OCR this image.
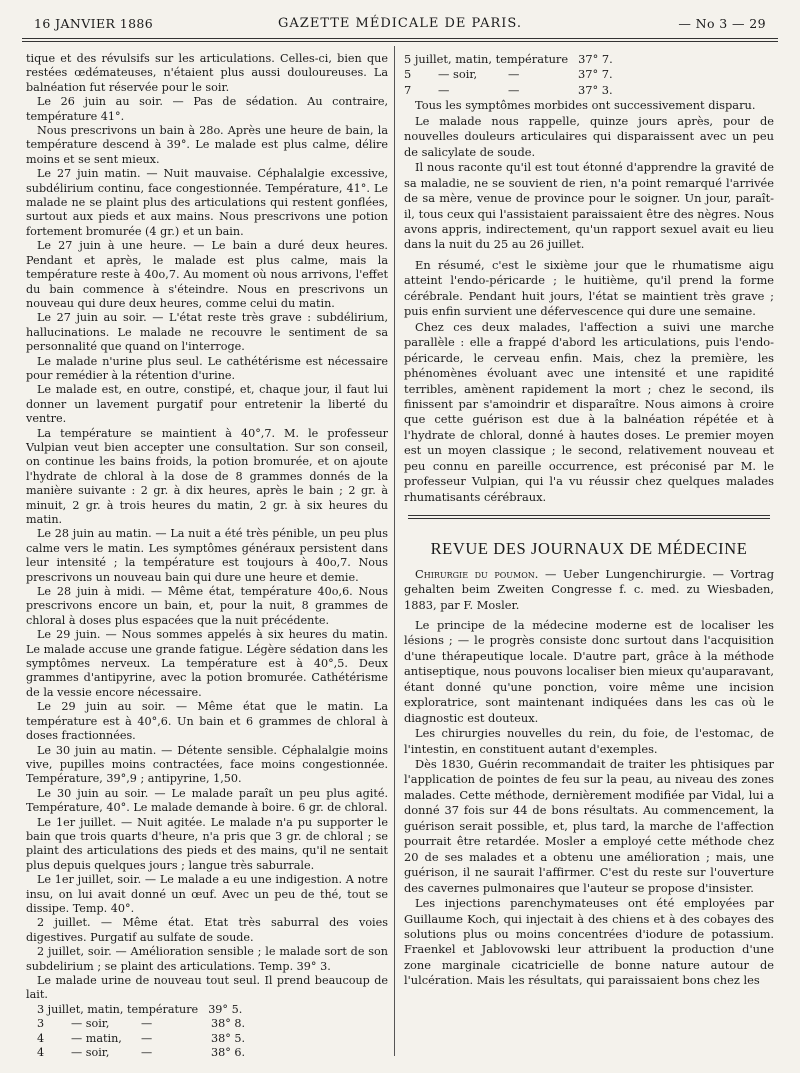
16 JANVIER 1886	GAZETTE MÉDICALE DE PARIS.	— No 3 — 29

tique et des révulsifs sur les articulations. Celles-ci, bien que restées œdémateuses, n'étaient plus aussi douloureuses. La balnéation fut réservée pour le soir.

Le 26 juin au soir. — Pas de sédation. Au contraire, température 41°.

Nous prescrivons un bain à 28o. Après une heure de bain, la température descend à 39°. Le malade est plus calme, délire moins et se sent mieux.

Le 27 juin matin. — Nuit mauvaise. Céphalalgie excessive, subdélirium continu, face congestionnée. Température, 41°. Le malade ne se plaint plus des articulations qui restent gonflées, surtout aux pieds et aux mains. Nous prescrivons une potion fortement bromurée (4 gr.) et un bain.

Le 27 juin à une heure. — Le bain a duré deux heures. Pendant et après, le malade est plus calme, mais la température reste à 40o,7. Au moment où nous arrivons, l'effet du bain commence à s'éteindre. Nous en prescrivons un nouveau qui dure deux heures, comme celui du matin.

Le 27 juin au soir. — L'état reste très grave : subdélirium, hallucinations. Le malade ne recouvre le sentiment de sa personnalité que quand on l'interroge.

Le malade n'urine plus seul. Le cathétérisme est nécessaire pour remédier à la rétention d'urine.

Le malade est, en outre, constipé, et, chaque jour, il faut lui donner un lavement purgatif pour entretenir la liberté du ventre.

La température se maintient à 40°,7. M. le professeur Vulpian veut bien accepter une consultation. Sur son conseil, on continue les bains froids, la potion bromurée, et on ajoute l'hydrate de chloral à la dose de 8 grammes donnés de la manière suivante : 2 gr. à dix heures, après le bain ; 2 gr. à minuit, 2 gr. à trois heures du matin, 2 gr. à six heures du matin.

Le 28 juin au matin. — La nuit a été très pénible, un peu plus calme vers le matin. Les symptômes généraux persistent dans leur intensité ; la température est toujours à 40o,7. Nous prescrivons un nouveau bain qui dure une heure et demie.

Le 28 juin à midi. — Même état, température 40o,6. Nous prescrivons encore un bain, et, pour la nuit, 8 grammes de chloral à doses plus espacées que la nuit précédente.

Le 29 juin. — Nous sommes appelés à six heures du matin. Le malade accuse une grande fatigue. Légère sédation dans les symptômes nerveux. La température est à 40°,5. Deux grammes d'antipyrine, avec la potion bromurée. Cathétérisme de la vessie encore nécessaire.

Le 29 juin au soir. — Même état que le matin. La température est à 40°,6. Un bain et 6 grammes de chloral à doses fractionnées.

Le 30 juin au matin. — Détente sensible. Céphalalgie moins vive, pupilles moins contractées, face moins congestionnée. Température, 39°,9 ; antipyrine, 1,50.

Le 30 juin au soir. — Le malade paraît un peu plus agité. Température, 40°. Le malade demande à boire. 6 gr. de chloral.

Le 1er juillet. — Nuit agitée. Le malade n'a pu supporter le bain que trois quarts d'heure, n'a pris que 3 gr. de chloral ; se plaint des articulations des pieds et des mains, qu'il ne sentait plus depuis quelques jours ; langue très saburrale.

Le 1er juillet, soir. — Le malade a eu une indigestion. A notre insu, on lui avait donné un œuf. Avec un peu de thé, tout se dissipe. Temp. 40°.

2 juillet. — Même état. Etat très saburral des voies digestives. Purgatif au sulfate de soude.

2 juillet, soir. — Amélioration sensible ; le malade sort de son subdelirium ; se plaint des articulations. Temp. 39° 3.

Le malade urine de nouveau tout seul. Il prend beaucoup de lait.

3 juillet, matin, température 39° 5.
3	— soir,	—	38° 8.
4	— matin,	—	38° 5.
4	— soir,	—	38° 6.
5 juillet, matin, température 37° 7.
5	— soir,	—	37° 7.
7	—	—	37° 3.

Tous les symptômes morbides ont successivement disparu.

Le malade nous rappelle, quinze jours après, pour de nouvelles douleurs articulaires qui disparaissent avec un peu de salicylate de soude.

Il nous raconte qu'il est tout étonné d'apprendre la gravité de sa maladie, ne se souvient de rien, n'a point remarqué l'arrivée de sa mère, venue de province pour le soigner. Un jour, paraît-il, tous ceux qui l'assistaient paraissaient être des nègres. Nous avons appris, indirectement, qu'un rapport sexuel avait eu lieu dans la nuit du 25 au 26 juillet.

En résumé, c'est le sixième jour que le rhumatisme aigu atteint l'endo-péricarde ; le huitième, qu'il prend la forme cérébrale. Pendant huit jours, l'état se maintient très grave ; puis enfin survient une défervescence qui dure une semaine.

Chez ces deux malades, l'affection a suivi une marche parallèle : elle a frappé d'abord les articulations, puis l'endo-péricarde, le cerveau enfin. Mais, chez la première, les phénomènes évoluant avec une intensité et une rapidité terribles, amènent rapidement la mort ; chez le second, ils finissent par s'amoindrir et disparaître. Nous aimons à croire que cette guérison est due à la balnéation répétée et à l'hydrate de chloral, donné à hautes doses. Le premier moyen est un moyen classique ; le second, relativement nouveau et peu connu en pareille occurrence, est préconisé par M. le professeur Vulpian, qui l'a vu réussir chez quelques malades rhumatisants cérébraux.

REVUE DES JOURNAUX DE MÉDECINE

Chirurgie du poumon. — Ueber Lungenchirurgie. — Vortrag gehalten beim Zweiten Congresse f. c. med. zu Wiesbaden, 1883, par F. Mosler.

Le principe de la médecine moderne est de localiser les lésions ; — le progrès consiste donc surtout dans l'acquisition d'une thérapeutique locale. D'autre part, grâce à la méthode antiseptique, nous pouvons localiser bien mieux qu'auparavant, étant donné qu'une ponction, voire même une incision exploratrice, sont maintenant indiquées dans les cas où le diagnostic est douteux.

Les chirurgies nouvelles du rein, du foie, de l'estomac, de l'intestin, en constituent autant d'exemples.

Dès 1830, Guérin recommandait de traiter les phtisiques par l'application de pointes de feu sur la peau, au niveau des zones malades. Cette méthode, dernièrement modifiée par Vidal, lui a donné 37 fois sur 44 de bons résultats. Au commencement, la guérison serait possible, et, plus tard, la marche de l'affection pourrait être retardée. Mosler a employé cette méthode chez 20 de ses malades et a obtenu une amélioration ; mais, une guérison, il ne saurait l'affirmer. C'est du reste sur l'ouverture des cavernes pulmonaires que l'auteur se propose d'insister.

Les injections parenchymateuses ont été employées par Guillaume Koch, qui injectait à des chiens et à des cobayes des solutions plus ou moins concentrées d'iodure de potassium. Fraenkel et Jablovowski leur attribuent la production d'une zone marginale cicatricielle de bonne nature autour de l'ulcération. Mais les résultats, qui paraissaient bons chez les
